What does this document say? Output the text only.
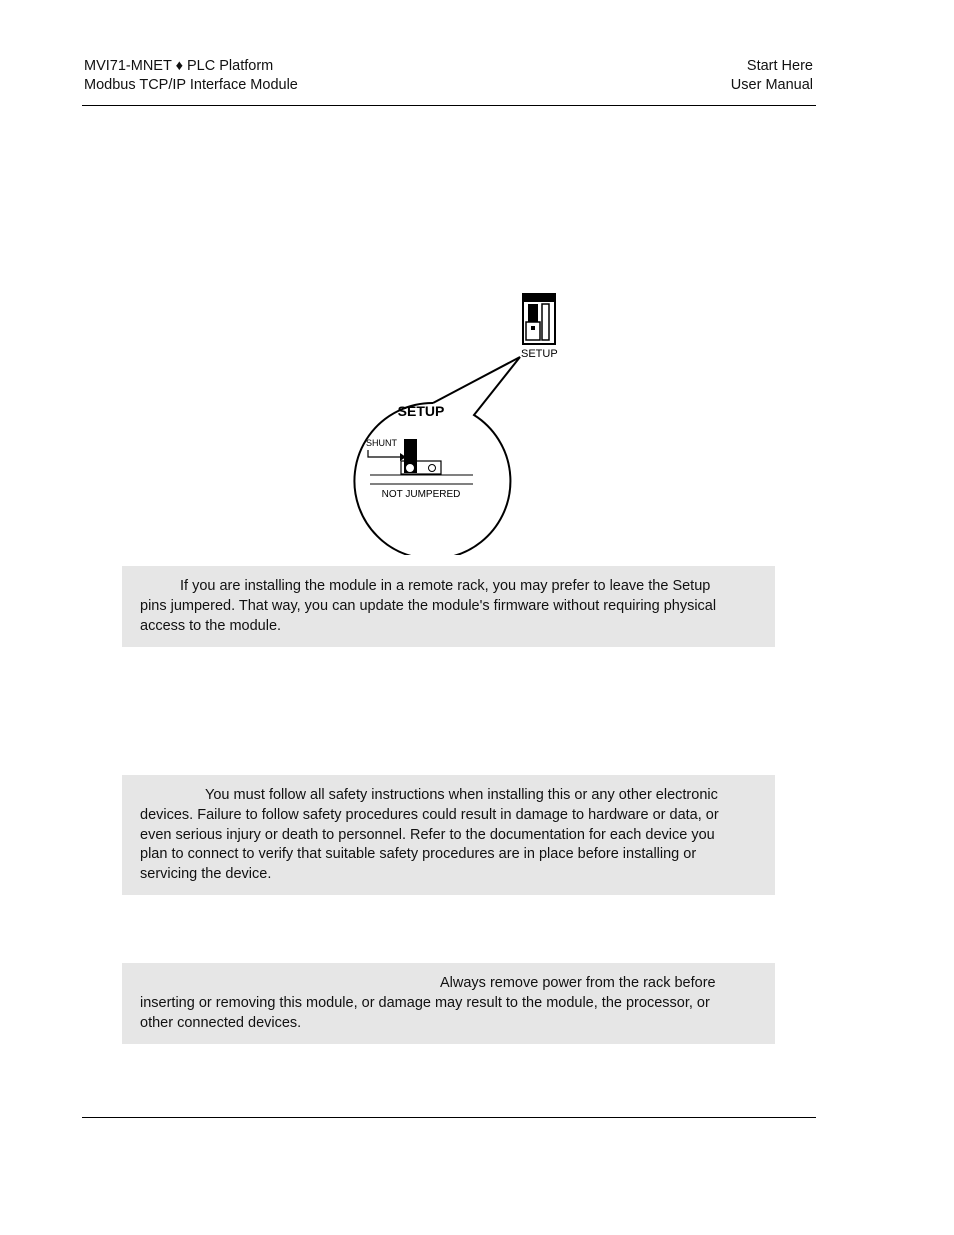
MVI71-MNET ♦ PLC Platform
Modbus TCP/IP Interface Module
Start Here
User Manual
SETUP
SETUP
SHUNT
NOT JUMPERED

If you are installing the module in a remote rack, you may prefer to leave the Setup pins jumpered. That way, you can update the module's firmware without requiring physical access to the module.

You must follow all safety instructions when installing this or any other electronic devices. Failure to follow safety procedures could result in damage to hardware or data, or even serious injury or death to personnel. Refer to the documentation for each device you plan to connect to verify that suitable safety procedures are in place before installing or servicing the device.

Always remove power from the rack before inserting or removing this module, or damage may result to the module, the processor, or other connected devices.
